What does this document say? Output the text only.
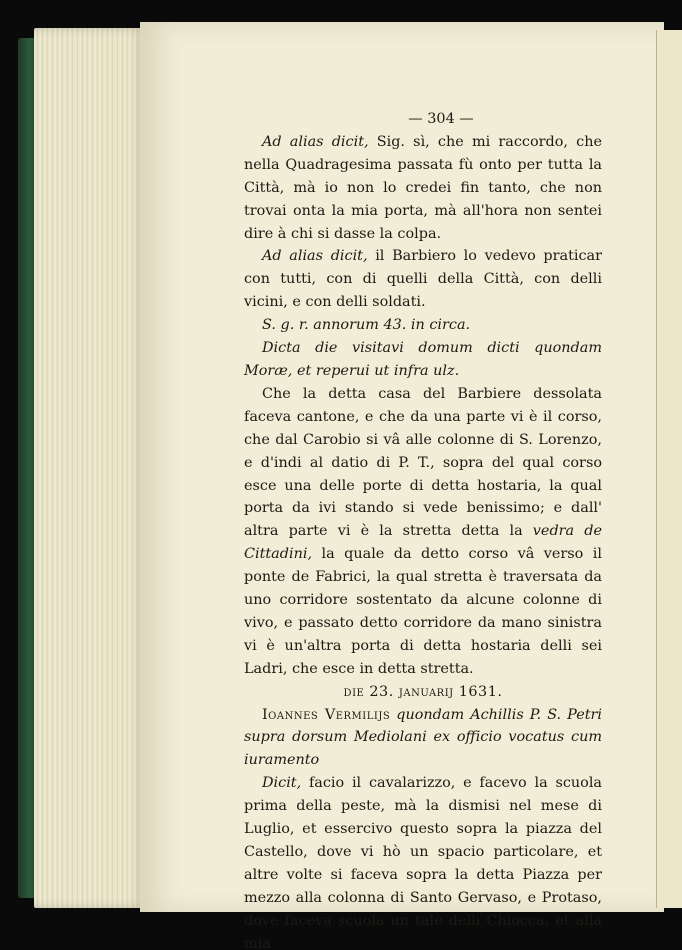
— 304 —

Ad alias dicit, Sig. sì, che mi raccordo, che nella Quadragesima passata fù onto per tutta la Città, mà io non lo credei fin tanto, che non trovai onta la mia porta, mà all'hora non sentei dire à chi si dasse la colpa.

Ad alias dicit, il Barbiero lo vedevo praticar con tutti, con di quelli della Città, con delli vicini, e con delli soldati.

S. g. r. annorum 43. in circa.

Dicta die visitavi domum dicti quondam Moræ, et reperui ut infra ulz.

Che la detta casa del Barbiere dessolata faceva cantone, e che da una parte vi è il corso, che dal Carobio si vâ alle colonne di S. Lorenzo, e d'indi al datio di P. T., sopra del qual corso esce una delle porte di detta hostaria, la qual porta da ivi stando si vede benissimo; e dall' altra parte vi è la stretta detta la vedra de Cittadini, la quale da detto corso vâ verso il ponte de Fabrici, la qual stretta è traversata da uno corridore sostentato da alcune colonne di vivo, e passato detto corridore da mano sinistra vi è un'altra porta di detta hostaria delli sei Ladri, che esce in detta stretta.

die 23. januarij 1631.

Ioannes Vermilijs quondam Achillis P. S. Petri supra dorsum Mediolani ex officio vocatus cum iuramento

Dicit, facio il cavalarizzo, e facevo la scuola prima della peste, mà la dismisi nel mese di Luglio, et essercivo questo sopra la piazza del Castello, dove vi hò un spacio particolare, et altre volte si faceva sopra la detta Piazza per mezzo alla colonna di Santo Gervaso, e Protaso, dove faceva scuola un tale delli Chiocca, et alla mia
